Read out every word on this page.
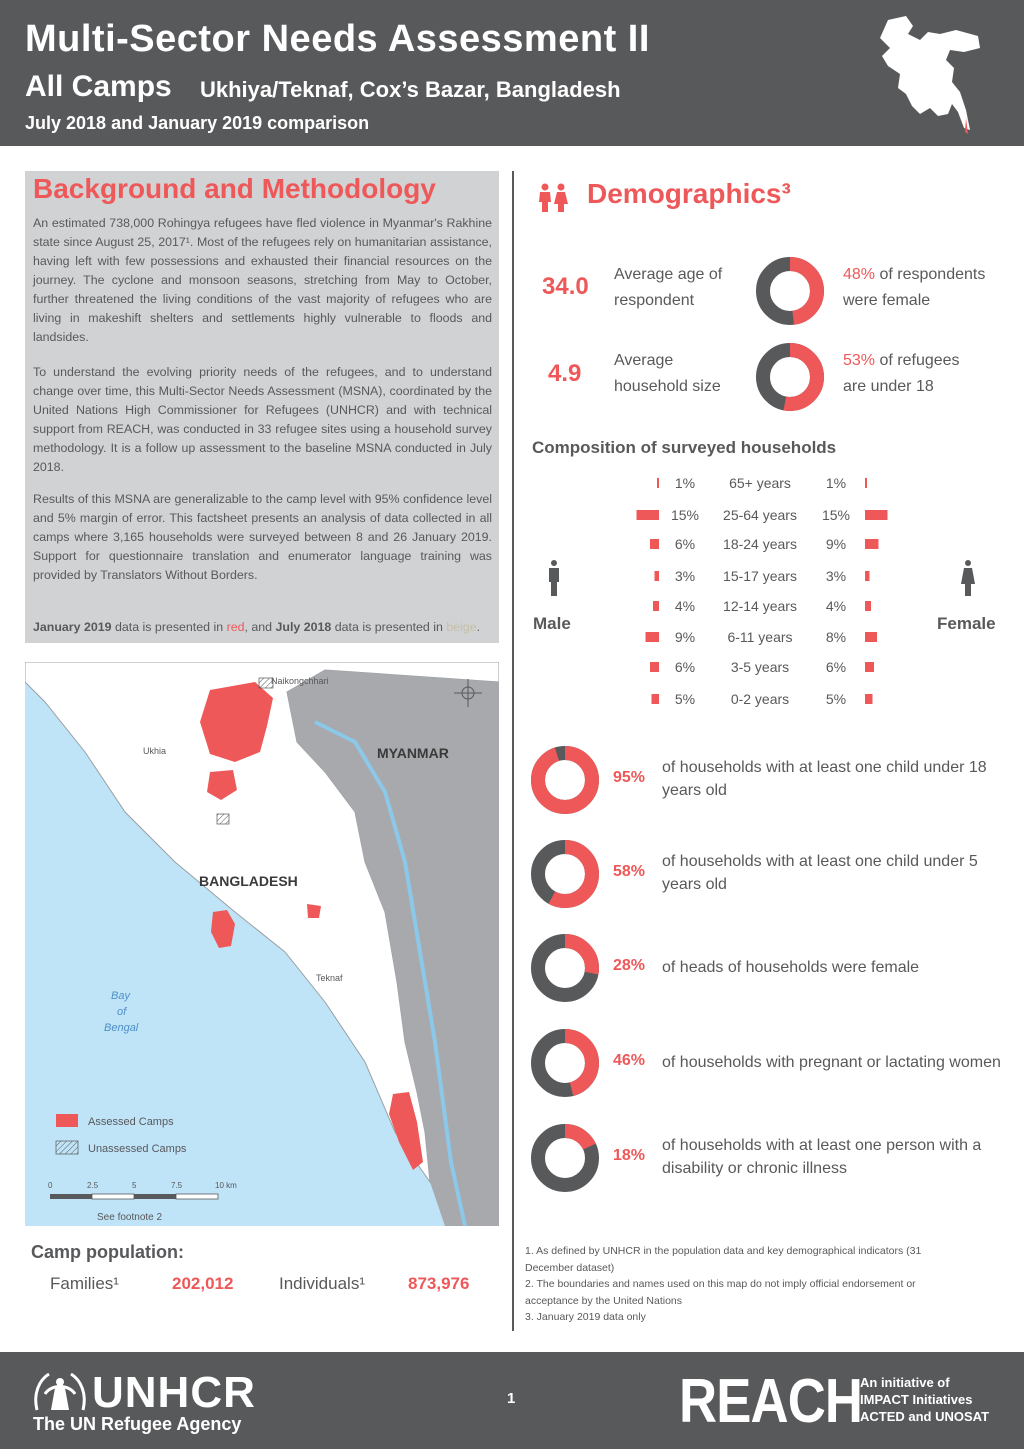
Multi-Sector Needs Assessment II
All Camps Ukhiya/Teknaf, Cox’s Bazar, Bangladesh
July 2018 and January 2019 comparison
Background and Methodology
An estimated 738,000 Rohingya refugees have fled violence in Myanmar's Rakhine state since August 25, 2017¹. Most of the refugees rely on humanitarian assistance, having left with few possessions and exhausted their financial resources on the journey. The cyclone and monsoon seasons, stretching from May to October, further threatened the living conditions of the vast majority of refugees who are living in makeshift shelters and settlements highly vulnerable to floods and landsides.
To understand the evolving priority needs of the refugees, and to understand change over time, this Multi-Sector Needs Assessment (MSNA), coordinated by the United Nations High Commissioner for Refugees (UNHCR) and with technical support from REACH, was conducted in 33 refugee sites using a household survey methodology. It is a follow up assessment to the baseline MSNA conducted in July 2018.
Results of this MSNA are generalizable to the camp level with 95% confidence level and 5% margin of error. This factsheet presents an analysis of data collected in all camps where 3,165 households were surveyed between 8 and 26 January 2019. Support for questionnaire translation and enumerator language training was provided by Translators Without Borders.
January 2019 data is presented in red, and July 2018 data is presented in beige.
Naikongchhari
Ukhia	MYANMAR
BANGLADESH
Teknaf
Bay
of
Bengal
Assessed Camps
Unassessed Camps
0	2.5	5	7.5	10 km
See footnote 2
Camp population:
Families¹	202,012	Individuals¹	873,976
Demographics³
34.0 Average age of
respondent
4.9 Average
household size
48% of respondents
were female
53% of refugees
are under 18
Composition of surveyed households
Male	Female
1% 65+ years 1%
15% 25-64 years 15%
6% 18-24 years 9%
3% 15-17 years 3%
4% 12-14 years 4%
9% 6-11 years 8%
6%	3-5 years	6%
5%	0-2 years	5%
95%
of households with at least one child under 18 years old
58%
of households with at least one child under 5 years old
28% of heads of households were female
46% of households with pregnant or lactating women
18%
of households with at least one person with a disability or chronic illness
1. As defined by UNHCR in the population data and key demographical indicators (31 December dataset)
2. The boundaries and names used on this map do not imply official endorsement or acceptance by the United Nations
3. January 2019 data only
UNHCR
The UN Refugee Agency
1	REACH
An initiative of
IMPACT Initiatives
ACTED and UNOSAT
